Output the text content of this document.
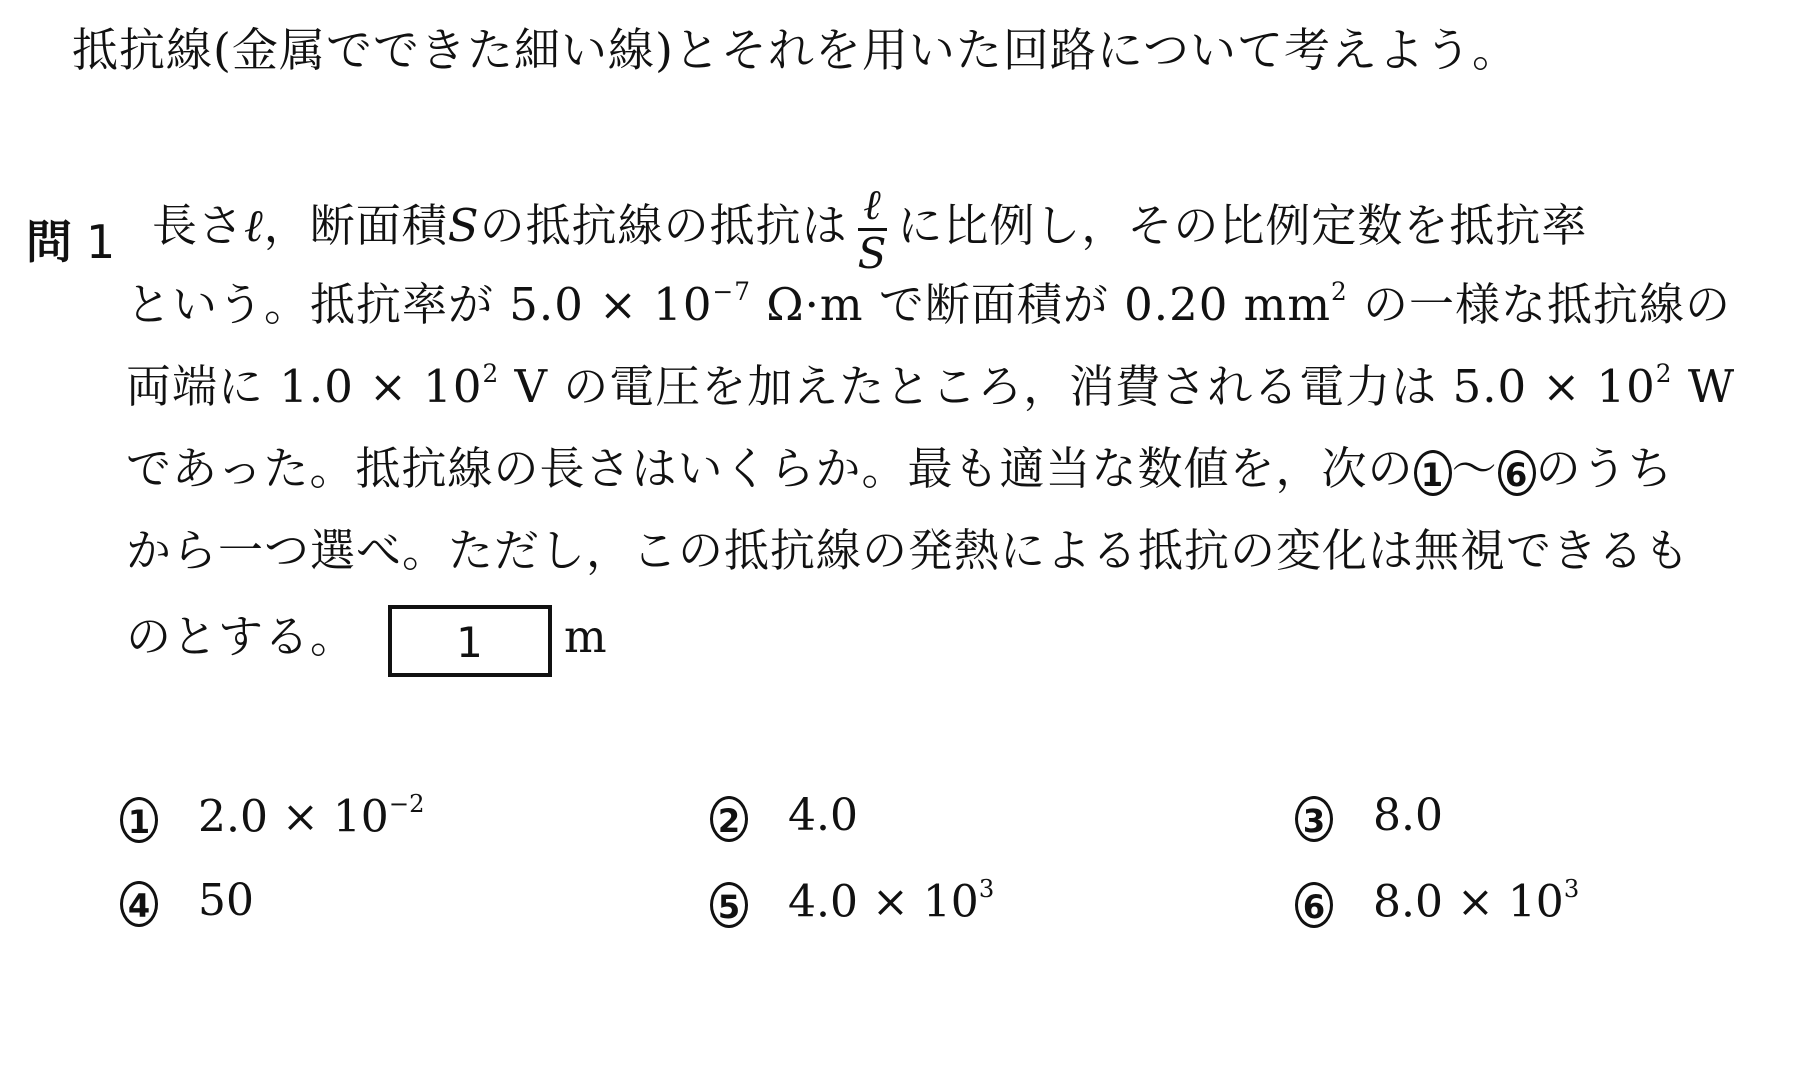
抵抗線(金属でできた細い線)とそれを用いた回路について考えよう。
問 1 長さℓ，断面積Sの抵抗線の抵抗は $\frac{\text{ℓ}}{S}$ に比例し，その比例定数を抵抗率
という。抵抗率が $5.0 \times 10^{-7}$ Ω·m で断面積が 0.20 $mm^2$ の一様な抵抗線の
両端に $1.0 \times 10^2$ V の電圧を加えたところ，消費される電力は $5.0 \times 10^2$ W
であった。抵抗線の長さはいくらか。最も適当な数値を，次の 1 〜 6 のうち
から一つ選べ。ただし，この抵抗線の発熱による抵抗の変化は無視できるも
のとする。 1 m
1 $2.0 \times 10^{-2}$	2 4.0	3 8.0
4 50	5 $4.0 \times 10^3$	6 $8.0 \times 10^3$
